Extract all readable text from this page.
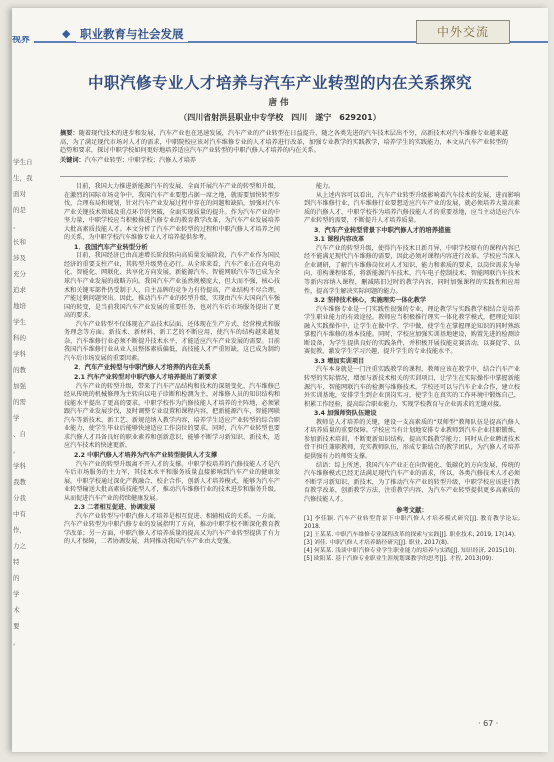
视界
学生自
生，我
面对
的是
。
长和
涉及
充分
追求
地培
学生
科的
学科
的教
加强
的需
学
、自
，
学科
我教
分我
中有
作，
力之
特
的
学
术
要
，
◆ 职业教育与社会发展	中外交流
中职汽修专业人才培养与汽车产业转型的内在关系探究
唐伟
（四川省射洪县职业中专学校　四川　遂宁　629201）
摘要：随着现代技术的进步和发展，汽车产业也在迅速发展，汽车产业的产业转型在日益提升，随之各类先进的汽车技术层出不穷，高新技术对汽车维修专业越来越高，为了满足现代市场对人才的需求，中职院校应该对汽车维修专业的人才培养进行改革，加强专业教学的实践教学，培养学生的实践能力，本文从汽车产业转型的趋势和要求，探讨中职学校如何更好地培养适应汽车产业转型的中职汽修人才培养的内在关系。
关键词：汽车产业转型；中职学校；汽修人才培养

目前，我国大力推进新能源汽车的发展，全面开展汽车产业的转型和升级，在激烈的国际市场竞争中，我国汽车产业要想占据一席之地，就需要加快转型步伐，合理布局和规划，针对汽车产业发展过程中存在的问题和缺陷，加强对汽车产业关键技术领域及重点环节的突破，全面实现质量的提升。作为汽车产业的中坚力量，中职学校应当积极推进汽修专业的教育教学改革，为汽车产业发展培养大批高素质技能人才。本文分析了汽车产业转型的过程和中职汽修人才培养之间的关系，为中职学校汽车维修专业人才培养提供参考。

1．我国汽车产业转型分析

目前，我国经济已由高速增长阶段转向高质量发展阶段，汽车产业作为国民经济的重要支柱产业，其转型升级势在必行。从全球来看，汽车产业正在向电动化、智能化、网联化、共享化方向发展，新能源汽车、智能网联汽车等已成为全球汽车产业发展的战略方向。我国汽车产业虽然规模庞大，但大而不强，核心技术和关键零部件仍受制于人，自主品牌的竞争力有待提高，产业结构不尽合理，产能过剩问题突出。因此，推动汽车产业的转型升级，实现由汽车大国向汽车强国的转变，是当前我国汽车产业发展的重要任务，也对汽车后市场服务提出了更高的要求。

汽车产业转型不仅体现在产品技术层面，还体现在生产方式、经营模式和服务理念等方面。新技术、新材料、新工艺的不断应用，使汽车的结构越来越复杂，汽车维修行业必须不断提升技术水平，才能适应汽车产业发展的需要。目前我国汽车维修行业从业人员整体素质偏低，高技能人才严重短缺，这已成为制约汽车后市场发展的重要因素。

2．汽车产业转型与中职汽修人才培养的内在关系
2.1 汽车产业转型对中职汽修人才培养提出了新要求

汽车产业的转型升级，带来了汽车产品结构和技术的深刻变化，汽车维修已经从传统的机械修理为主转向以电子诊断和检测为主，对维修人员的知识结构和技能水平提出了更高的要求。中职学校作为汽修技能人才培养的主阵地，必须紧跟汽车产业发展步伐，及时调整专业设置和课程内容，把新能源汽车、智能网联汽车等新技术、新工艺、新规范纳入教学内容，培养学生适应产业转型的综合职业能力，使学生毕业后能够快速适应工作岗位的要求。同时，汽车产业转型也要求汽修人才具备良好的职业素养和创新意识，能够不断学习新知识、新技术，适应汽车技术的快速更新。

2.2 中职汽修人才培养为汽车产业转型提供人才支撑

汽车产业的转型升级离不开人才的支撑。中职学校培养的汽修技能人才是汽车后市场服务的主力军，其技术水平和服务质量直接影响到汽车产业的健康发展。中职学校通过深化产教融合、校企合作，创新人才培养模式，能够为汽车产业转型输送大批高素质技能型人才，推动汽车维修行业的技术进步和服务升级，从而促进汽车产业的持续健康发展。

2.3 二者相互促进、协调发展

汽车产业转型与中职汽修人才培养是相互促进、相辅相成的关系。一方面，汽车产业转型为中职汽修专业的发展指明了方向，推动中职学校不断深化教育教学改革；另一方面，中职汽修人才培养质量的提高又为汽车产业转型提供了有力的人才保障，二者协调发展，共同推动我国汽车产业由大变强。

能力。

从上述内容可以看出，汽车产业转型升级影响着汽车技术的发展，进而影响到汽车维修行业，汽车维修行业要想适应汽车产业的发展，就必须培养大量高素质的汽修人才，中职学校作为培养汽修技能人才的重要基地，应当主动适应汽车产业转型的需要，不断提升人才培养质量。

3．汽车产业转型背景下中职汽修人才的培养措施
3.1 课程内容改革

汽车产业的转型升级，使得汽车技术日新月异，中职学校原有的课程内容已经不能满足现代汽车维修的需要，因此必须对课程内容进行改革。学校应当深入企业调研，了解汽车维修岗位对人才知识、能力和素质的要求，以岗位需求为导向，重构课程体系，将新能源汽车技术、汽车电子控制技术、智能网联汽车技术等新内容纳入课程，删减陈旧过时的教学内容，同时加强课程的实践性和应用性，提高学生解决实际问题的能力。

3.2 坚持技术核心，实施理实一体化教学

汽车维修专业是一门实践性很强的专业，理论教学与实践教学相结合是培养学生职业能力的有效途径。教师应当积极推行理实一体化教学模式，把理论知识融入实践操作中，让学生在做中学、学中做，使学生在掌握理论知识的同时熟练掌握汽车维修的基本技能。同时，学校应加强实训基地建设，购置先进的检测诊断设备，为学生提供良好的实践条件，并积极开展技能竞赛活动，以赛促学、以赛促教，激发学生学习兴趣，提升学生的专业技能水平。

3.3 增加实训项目

汽车本身就是一门注重实践教学的课程，教师应该在教学中，结合汽车产业转型的实际情况，增加与新技术相关的实训项目，让学生在实际操作中掌握新能源汽车、智能网联汽车的检测与维修技术。学校还可以与汽车企业合作，建立校外实训基地，安排学生到企业顶岗实习，使学生在真实的工作环境中锻炼自己，积累工作经验，提高综合职业能力，实现学校教育与企业需求的无缝对接。

3.4 加强师资队伍建设

教师是人才培养的关键，建设一支高素质的“双师型”教师队伍是提高汽修人才培养质量的重要保障。学校应当有计划地安排专业教师到汽车企业挂职锻炼，参加新技术培训，不断更新知识结构，提高实践教学能力；同时从企业聘请技术骨干担任兼职教师，充实教师队伍，形成专兼结合的教学团队，为汽修人才培养提供强有力的师资支撑。

结语：综上所述，我国汽车产业正在向智能化、低碳化的方向发展，传统的汽车维修模式已经无法满足现代汽车产业的需求，所以，各类汽修技术人才必须不断学习新知识、新技术，为了推动汽车产业的转型升级，中职学校应该进行教育教学改革，创新教学方法，注重教学内容，为汽车产业转型提供更多高素质的汽修技能人才。

参考文献：
[1] 李佳颖. 汽车产业转型背景下中职汽修人才培养模式研究[J]. 教育教学论坛, 2018.
[2] 王某某. 中职汽车维修专业课程改革的探索与实践[J]. 职业技术, 2019, 17(14).
[3] 刘佳. 中职汽修人才培养路径研究[J]. 职业, 2017(8).
[4] 何某某. 浅谈中职汽修专业学生职业能力的培养与实践[J]. 知识经济, 2015(10).
[5] 欧阳某. 基于汽修专业职业生涯规划课教学的思考[J]. 才智, 2013(09).
· 67 ·
